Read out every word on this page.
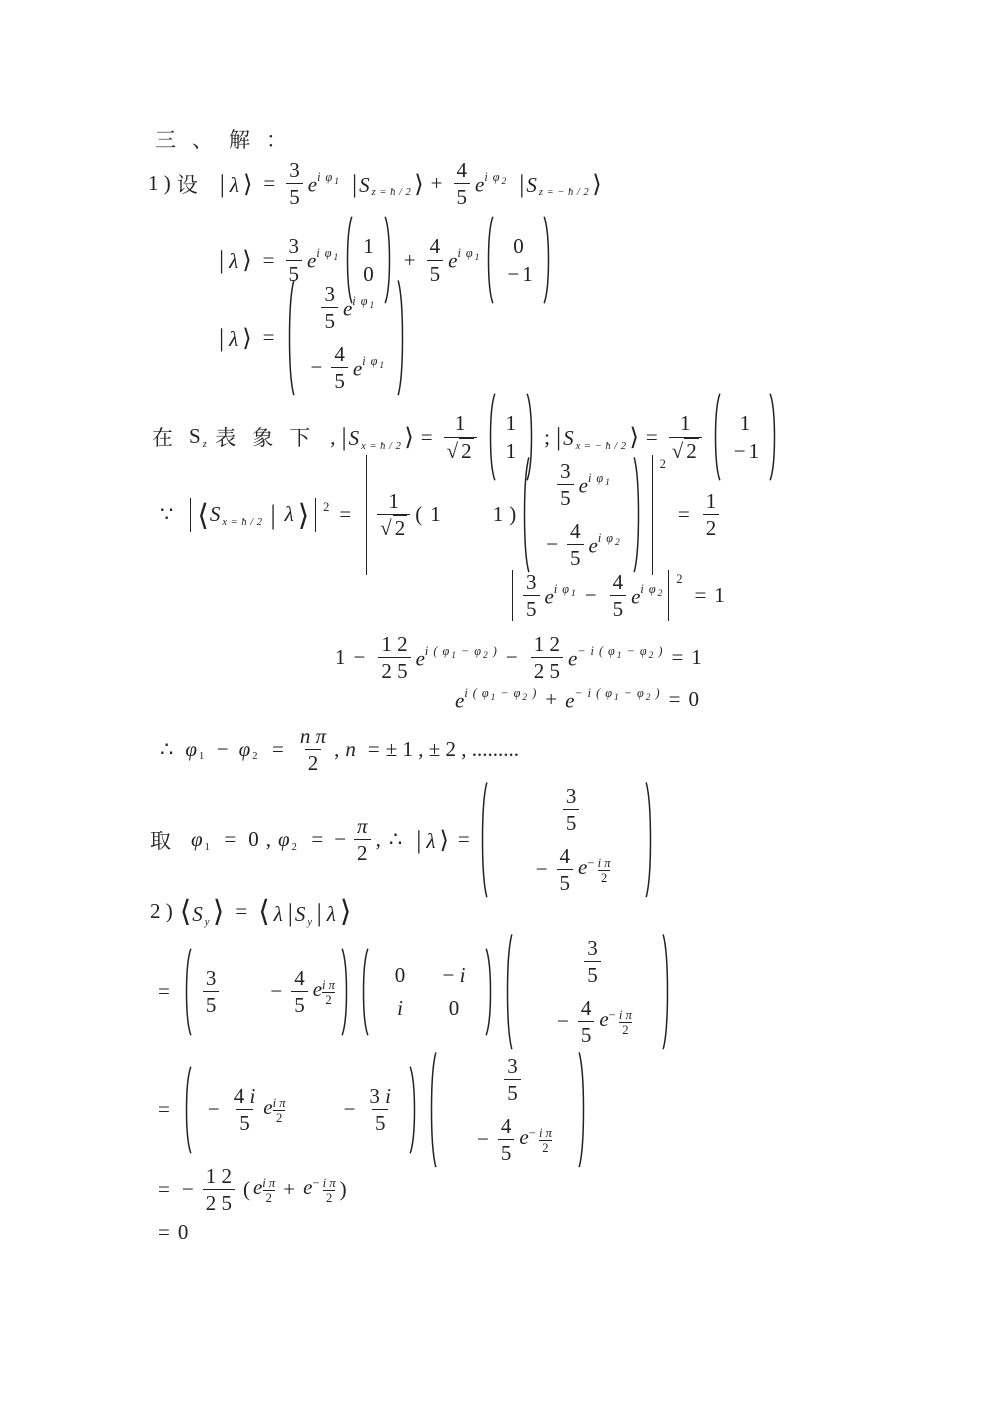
三 、 解 ：
1 ) 设 | λ ⟩ = $\frac{3}{5} e^{i \varphi_1}$ |S z = ħ / 2 ⟩ + $\frac{4}{5} e^{i \varphi_2}$ |S z = − ħ / 2 ⟩
| λ ⟩ = $\frac{3}{5} e^{i \varphi_1}$
1
0
+ $\frac{4}{5} e^{i \varphi_1}$
0
− 1
| λ ⟩ =
$\frac{3}{5} e^{i \varphi_1}$
− $\frac{4}{5} e^{i \varphi_1}$
在 Sz 表 象 下 , |S x = ħ / 2 ⟩ = $\frac{1}{√ 2} 1$
1
; |S x = − ħ / 2 ⟩ = $\frac{1}{√ 2} 1$
− 1
∵ ⟨ Sx = ħ / 2 | λ ⟩ $2 = \frac{1}{√ 2}$ ( 1 1 )
$\frac{3}{5} e^{i \varphi_1}$
− $\frac{4}{5} e^{i \varphi_2}$
2
= $\frac{1}{2}$
$\frac{3}{5} e^{i \varphi_1} - \frac{4}{5} e^{i \varphi_2}$
2
= 1
$1 - \frac{1 2}{2 5} e^{i ( \varphi_1 - \varphi_2 )} - \frac{1 2}{2 5} e^{- i ( \varphi_1 - \varphi_2 )} = 1$
$e^{i ( \varphi_1 - \varphi_2 )} + e^{- i ( \varphi_1 - \varphi_2 )} = 0$
∴ φ 1 − φ $2 = \frac{\text{n π}}{2}$ , n = ± 1 , ± 2 , .........
取 φ 1 = 0 , φ 2 = − $\frac{\pi}{2}$ , ∴ | λ ⟩ =
$\frac{3}{5}$
− $\frac{4}{5} e^{- \frac{\text{i π}}{2}}$
2 ) ⟨S y ⟩ = ⟨ λ |S y | λ ⟩
= $\frac{3}{5} - \frac{4}{5}$ e $^{\frac{\text{i π}}{2}}$
0	− i
i	0
$\frac{3}{5}$
− $\frac{4}{5} e^{- \frac{\text{i π}}{2}}$
= − $\frac{4 i}{5}$ e $^{\frac{\text{i π}}{2}}$	− $\frac{3 i}{5}$
$\frac{3}{5}$
− $\frac{4}{5} e^{- \frac{\text{i π}}{2}}$
= − $\frac{1 2}{2 5}$ ( e $^{\frac{\text{i π}}{2}} + e^{- \frac{\text{i π}}{2}}$ )
= 0
